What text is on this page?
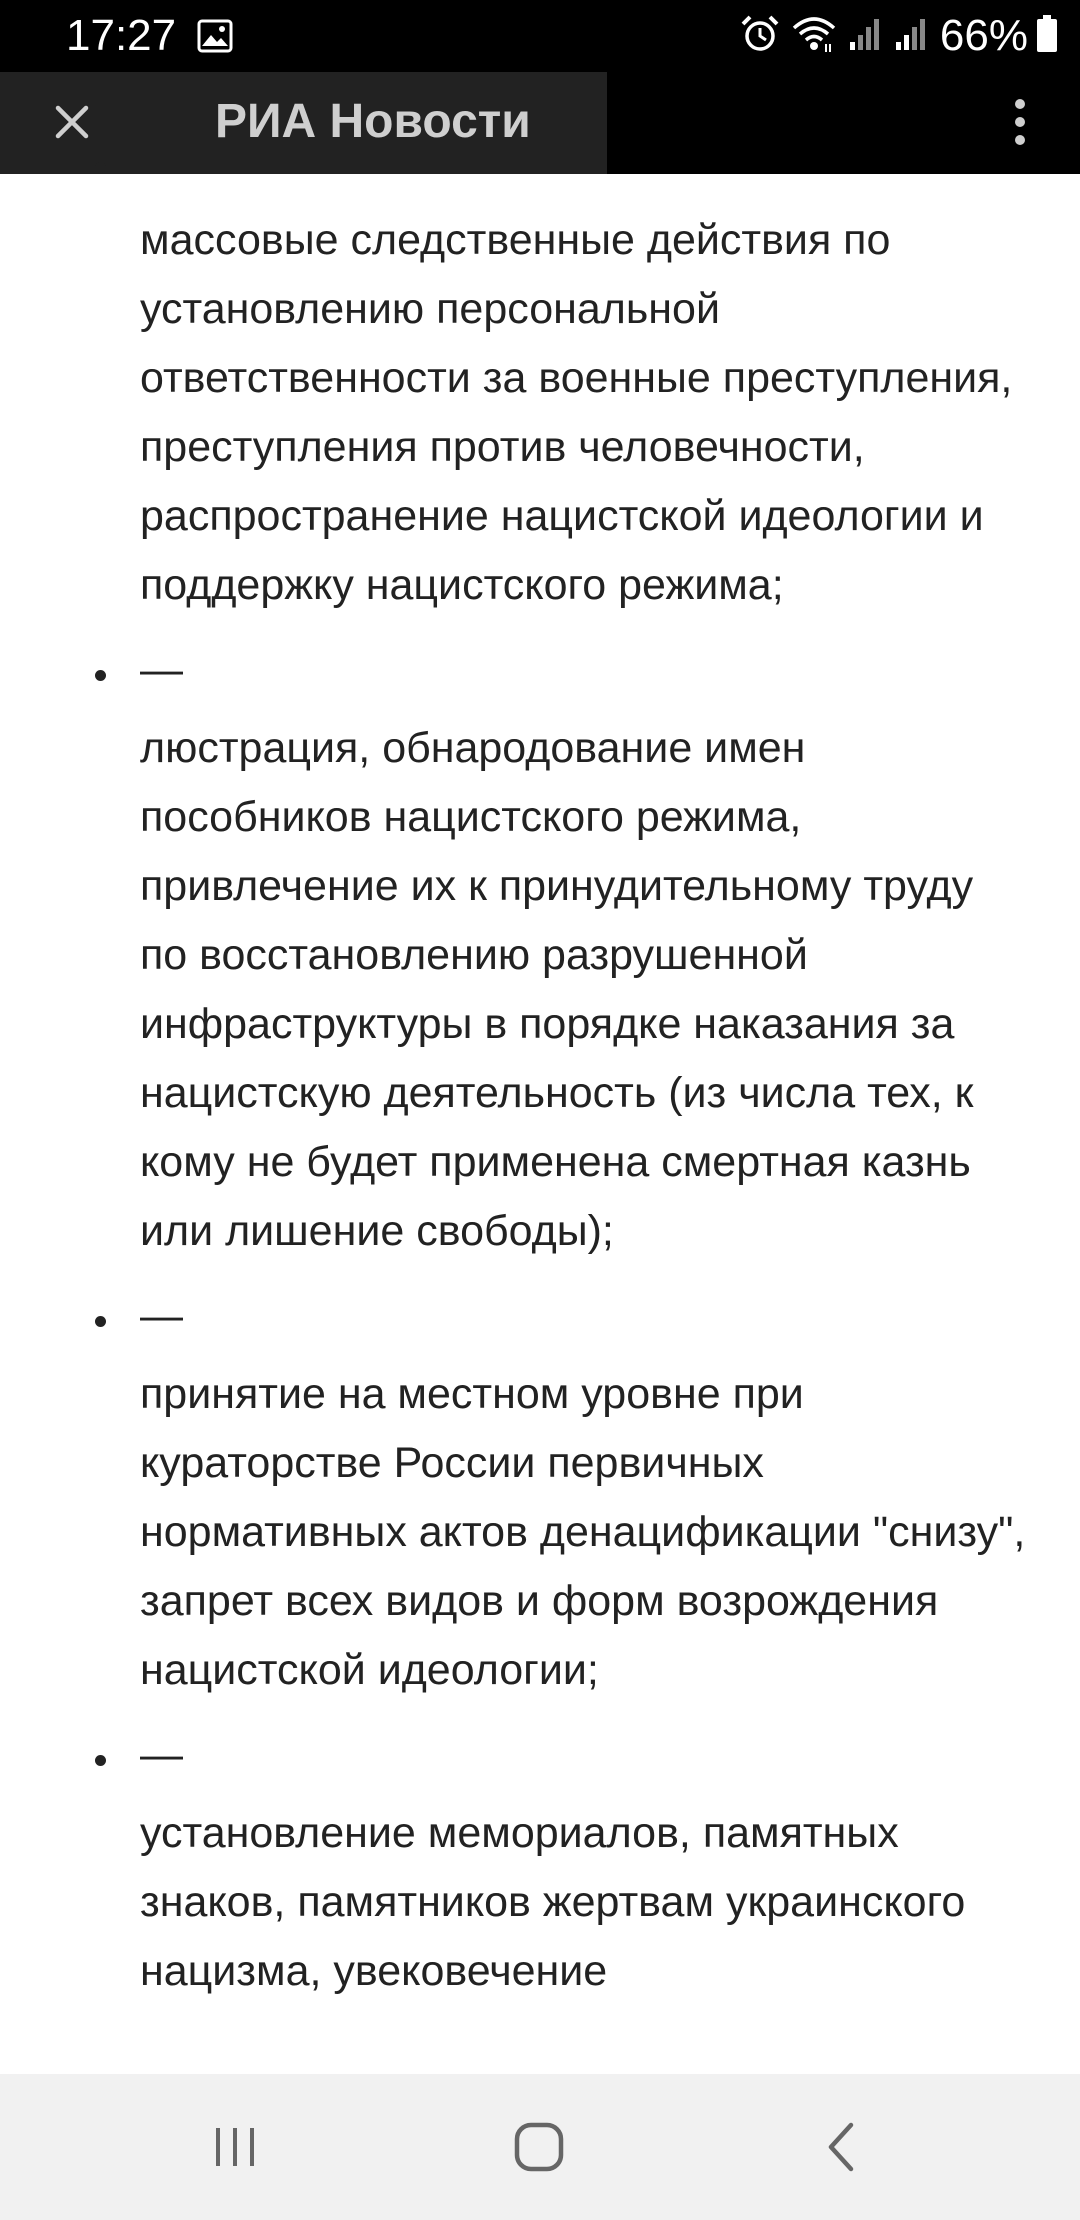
17:27	66%
РИА Новости
—

массовые следственные действия по установлению персональной ответственности за военные преступления, преступления против человечности, распространение нацистской идеологии и поддержку нацистского режима;

—

люстрация, обнародование имен пособников нацистского режима, привлечение их к принудительному труду по восстановлению разрушенной инфраструктуры в порядке наказания за нацистскую деятельность (из числа тех, к кому не будет применена смертная казнь или лишение свободы);

—

принятие на местном уровне при кураторстве России первичных нормативных актов денацификации "снизу", запрет всех видов и форм возрождения нацистской идеологии;

—

установление мемориалов, памятных знаков, памятников жертвам украинского нацизма, увековечение
